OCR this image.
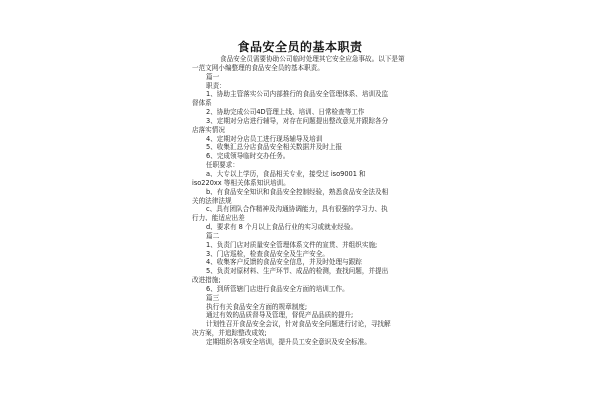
食品安全员的基本职责
食品安全员需要协助公司临时处理其它安全应急事故。以下是第
一范文网小编整理的食品安全员的基本职责。
篇一
职责：
1、协助主管落实公司内部推行的食品安全管理体系、培训及监
督体系
2、协助完成公司4D管理上线、培训、日常检查等工作
3、定期对分店进行辅导，对存在问题提出整改意见并跟踪各分
店落实情况
4、定期对分店员工进行现场辅导及培训
5、收集汇总分店食品安全相关数据并及时上报
6、完成领导临时交办任务。
任职要求：
a、大专以上学历，食品相关专业，接受过 iso9001 和
iso220xx 等相关体系知识培训。
b、有食品安全知识和食品安全控制经验，熟悉食品安全法及相
关的法律法规
c、具有团队合作精神及沟通协调能力，具有很强的学习力、执
行力、能适应出差
d、要求有 8 个月以上食品行业的实习或就业经验。
篇二
1、负责门店对质量安全管理体系文件的宣贯、并组织实施;
3、门店巡检，检查食品安全及生产安全。
4、收集客户反馈的食品安全信息，并及时处理与跟踪
5、负责对原材料、生产环节、成品的检测，查找问题，并提出
改进措施;
6、到所管辖门店进行食品安全方面的培训工作。
篇三
执行有关食品安全方面的规章制度;
通过有效的品质督导及管理，督促产品品质的提升;
计划性召开食品安全会议，针对食品安全问题进行讨论，寻找解
决方案，并追踪整改成效;
定期组织各项安全培训，提升员工安全意识及安全标准。
